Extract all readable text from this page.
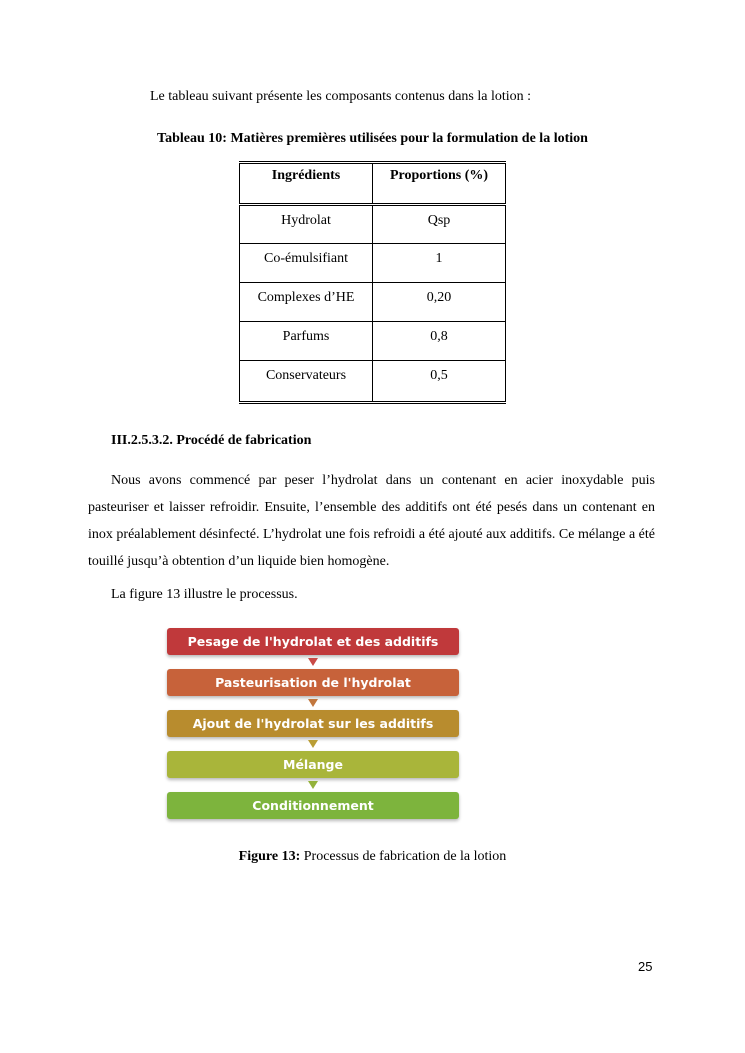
Le tableau suivant présente les composants contenus dans la lotion :
Tableau 10: Matières premières utilisées pour la formulation de la lotion
Ingrédients	Proportions (%)
Hydrolat	Qsp
Co-émulsifiant	1
Complexes d’HE	0,20
Parfums	0,8
Conservateurs	0,5
III.2.5.3.2. Procédé de fabrication

Nous avons commencé par peser l’hydrolat dans un contenant en acier inoxydable puis pasteuriser et laisser refroidir. Ensuite, l’ensemble des additifs ont été pesés dans un contenant en inox préalablement désinfecté. L’hydrolat une fois refroidi a été ajouté aux additifs. Ce mélange a été touillé jusqu’à obtention d’un liquide bien homogène.

La figure 13 illustre le processus.
Pesage de l'hydrolat et des additifs
Pasteurisation de l'hydrolat
Ajout de l'hydrolat sur les additifs
Mélange
Conditionnement
Figure 13: Processus de fabrication de la lotion
25
